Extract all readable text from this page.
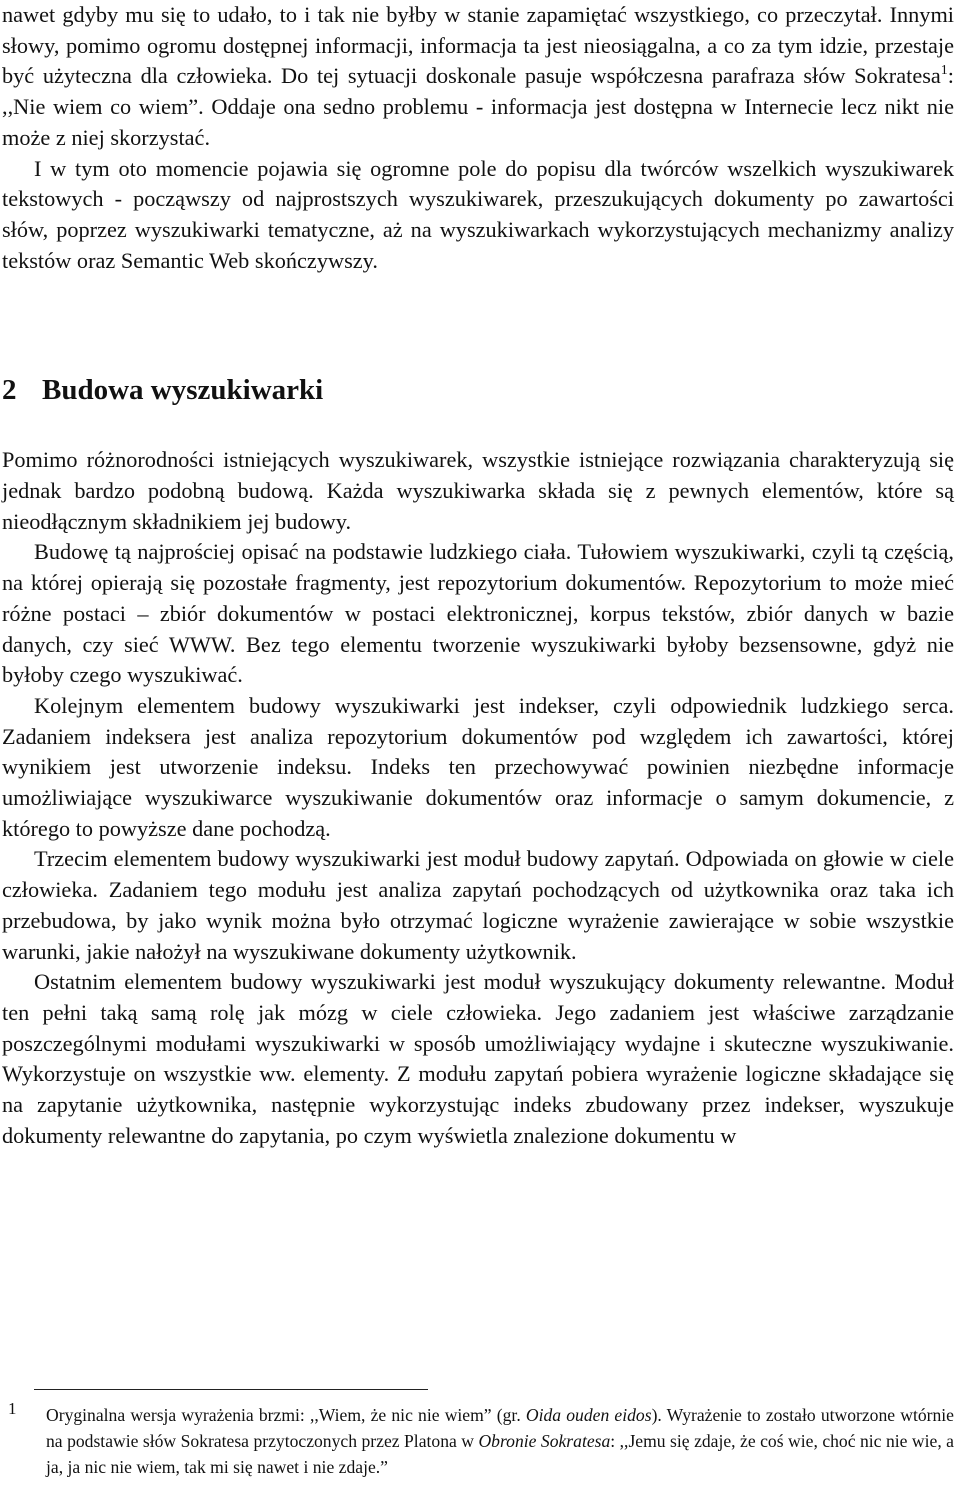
nawet gdyby mu się to udało, to i tak nie byłby w stanie zapamiętać wszystkiego, co przeczytał. Innymi słowy, pomimo ogromu dostępnej informacji, informacja ta jest nieosiągalna, a co za tym idzie, przestaje być użyteczna dla człowieka. Do tej sytuacji doskonale pasuje współczesna parafraza słów Sokratesa$^1$: ,,Nie wiem co wiem”. Oddaje ona sedno problemu - informacja jest dostępna w Internecie lecz nikt nie może z niej skorzystać.

I w tym oto momencie pojawia się ogromne pole do popisu dla twórców wszelkich wyszukiwarek tekstowych - począwszy od najprostszych wyszukiwarek, przeszukujących dokumenty po zawartości słów, poprzez wyszukiwarki tematyczne, aż na wyszukiwarkach wykorzystujących mechanizmy analizy tekstów oraz Semantic Web skończywszy.

2 Budowa wyszukiwarki

Pomimo różnorodności istniejących wyszukiwarek, wszystkie istniejące rozwiązania charakteryzują się jednak bardzo podobną budową. Każda wyszukiwarka składa się z pewnych elementów, które są nieodłącznym składnikiem jej budowy.

Budowę tą najprościej opisać na podstawie ludzkiego ciała. Tułowiem wyszukiwarki, czyli tą częścią, na której opierają się pozostałe fragmenty, jest repozytorium dokumentów. Repozytorium to może mieć różne postaci – zbiór dokumentów w postaci elektronicznej, korpus tekstów, zbiór danych w bazie danych, czy sieć WWW. Bez tego elementu tworzenie wyszukiwarki byłoby bezsensowne, gdyż nie byłoby czego wyszukiwać.

Kolejnym elementem budowy wyszukiwarki jest indekser, czyli odpowiednik ludzkiego serca. Zadaniem indeksera jest analiza repozytorium dokumentów pod względem ich zawartości, której wynikiem jest utworzenie indeksu. Indeks ten przechowywać powinien niezbędne informacje umożliwiające wyszukiwarce wyszukiwanie dokumentów oraz informacje o samym dokumencie, z którego to powyższe dane pochodzą.

Trzecim elementem budowy wyszukiwarki jest moduł budowy zapytań. Odpowiada on głowie w ciele człowieka. Zadaniem tego modułu jest analiza zapytań pochodzących od użytkownika oraz taka ich przebudowa, by jako wynik można było otrzymać logiczne wyrażenie zawierające w sobie wszystkie warunki, jakie nałożył na wyszukiwane dokumenty użytkownik.

Ostatnim elementem budowy wyszukiwarki jest moduł wyszukujący dokumenty relewantne. Moduł ten pełni taką samą rolę jak mózg w ciele człowieka. Jego zadaniem jest właściwe zarządzanie poszczególnymi modułami wyszukiwarki w sposób umożliwiający wydajne i skuteczne wyszukiwanie. Wykorzystuje on wszystkie ww. elementy. Z modułu zapytań pobiera wyrażenie logiczne składające się na zapytanie użytkownika, następnie wykorzystując indeks zbudowany przez indekser, wyszukuje dokumenty relewantne do zapytania, po czym wyświetla znalezione dokumentu w

1	Oryginalna wersja wyrażenia brzmi: ,,Wiem, że nic nie wiem” (gr. Oida ouden eidos). Wyrażenie to zostało utworzone wtórnie na podstawie słów Sokratesa przytoczonych przez Platona w Obronie Sokratesa: ,,Jemu się zdaje, że coś wie, choć nic nie wie, a ja, ja nic nie wiem, tak mi się nawet i nie zdaje.”
